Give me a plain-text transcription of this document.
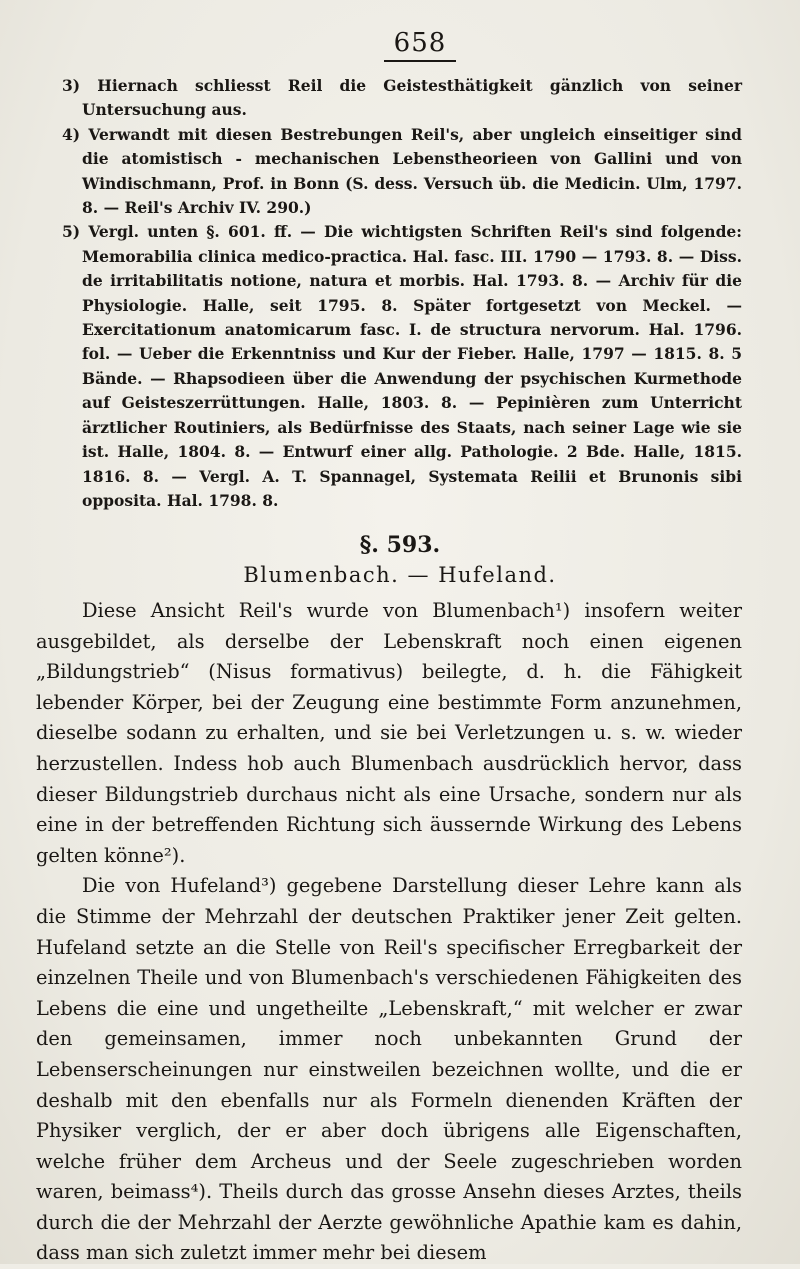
658

3) Hiernach schliesst Reil die Geistesthätigkeit gänzlich von seiner Untersuchung aus.

4) Verwandt mit diesen Bestrebungen Reil's, aber ungleich einseitiger sind die atomistisch - mechanischen Lebenstheorieen von Gallini und von Windischmann, Prof. in Bonn (S. dess. Versuch üb. die Medicin. Ulm, 1797. 8. — Reil's Archiv IV. 290.)

5) Vergl. unten §. 601. ff. — Die wichtigsten Schriften Reil's sind folgende: Memorabilia clinica medico-practica. Hal. fasc. III. 1790 — 1793. 8. — Diss. de irritabilitatis notione, natura et morbis. Hal. 1793. 8. — Archiv für die Physiologie. Halle, seit 1795. 8. Später fortgesetzt von Meckel. — Exercitationum anatomicarum fasc. I. de structura nervorum. Hal. 1796. fol. — Ueber die Erkenntniss und Kur der Fieber. Halle, 1797 — 1815. 8. 5 Bände. — Rhapsodieen über die Anwendung der psychischen Kurmethode auf Geisteszerrüttungen. Halle, 1803. 8. — Pepinièren zum Unterricht ärztlicher Routiniers, als Bedürfnisse des Staats, nach seiner Lage wie sie ist. Halle, 1804. 8. — Entwurf einer allg. Pathologie. 2 Bde. Halle, 1815. 1816. 8. — Vergl. A. T. Spannagel, Systemata Reilii et Brunonis sibi opposita. Hal. 1798. 8.

§. 593.
Blumenbach. — Hufeland.

Diese Ansicht Reil's wurde von Blumenbach¹) insofern weiter ausgebildet, als derselbe der Lebenskraft noch einen eigenen „Bildungstrieb“ (Nisus formativus) beilegte, d. h. die Fähigkeit lebender Körper, bei der Zeugung eine bestimmte Form anzunehmen, dieselbe sodann zu erhalten, und sie bei Verletzungen u. s. w. wieder herzustellen. Indess hob auch Blumenbach ausdrücklich hervor, dass dieser Bildungstrieb durchaus nicht als eine Ursache, sondern nur als eine in der betreffenden Richtung sich äussernde Wirkung des Lebens gelten könne²).

Die von Hufeland³) gegebene Darstellung dieser Lehre kann als die Stimme der Mehrzahl der deutschen Praktiker jener Zeit gelten. Hufeland setzte an die Stelle von Reil's specifischer Erregbarkeit der einzelnen Theile und von Blumenbach's verschiedenen Fähigkeiten des Lebens die eine und ungetheilte „Lebenskraft,“ mit welcher er zwar den gemeinsamen, immer noch unbekannten Grund der Lebenserscheinungen nur einstweilen bezeichnen wollte, und die er deshalb mit den ebenfalls nur als Formeln dienenden Kräften der Physiker verglich, der er aber doch übrigens alle Eigenschaften, welche früher dem Archeus und der Seele zugeschrieben worden waren, beimass⁴). Theils durch das grosse Ansehn dieses Arztes, theils durch die der Mehrzahl der Aerzte gewöhnliche Apathie kam es dahin, dass man sich zuletzt immer mehr bei diesem
